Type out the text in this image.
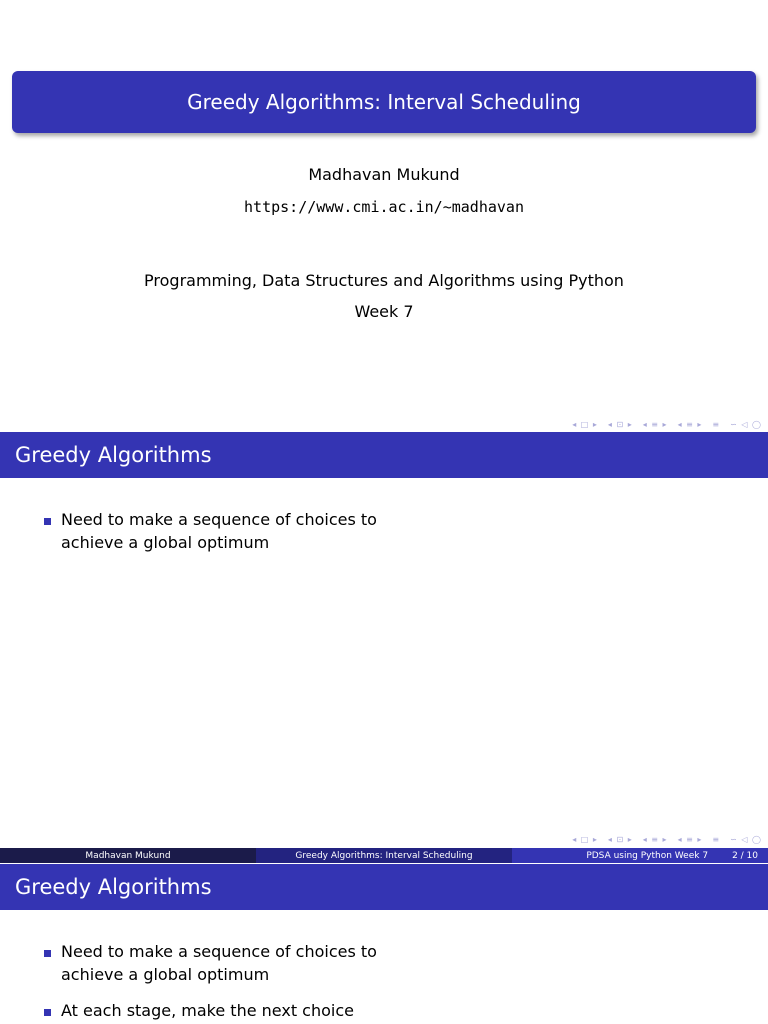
Greedy Algorithms: Interval Scheduling
Madhavan Mukund
https://www.cmi.ac.in/~madhavan
Programming, Data Structures and Algorithms using Python
Week 7
◂ □ ▸ ◂ ⊡ ▸ ◂ ≡ ▸ ◂ ≡ ▸ ≡ ∽ ◁ ◯
Greedy Algorithms
Need to make a sequence of choices to achieve a global optimum
◂ □ ▸ ◂ ⊡ ▸ ◂ ≡ ▸ ◂ ≡ ▸ ≡ ∽ ◁ ◯
Madhavan Mukund	Greedy Algorithms: Interval Scheduling	PDSA using Python Week 7	2 / 10
Greedy Algorithms
Need to make a sequence of choices to achieve a global optimum
At each stage, make the next choice
